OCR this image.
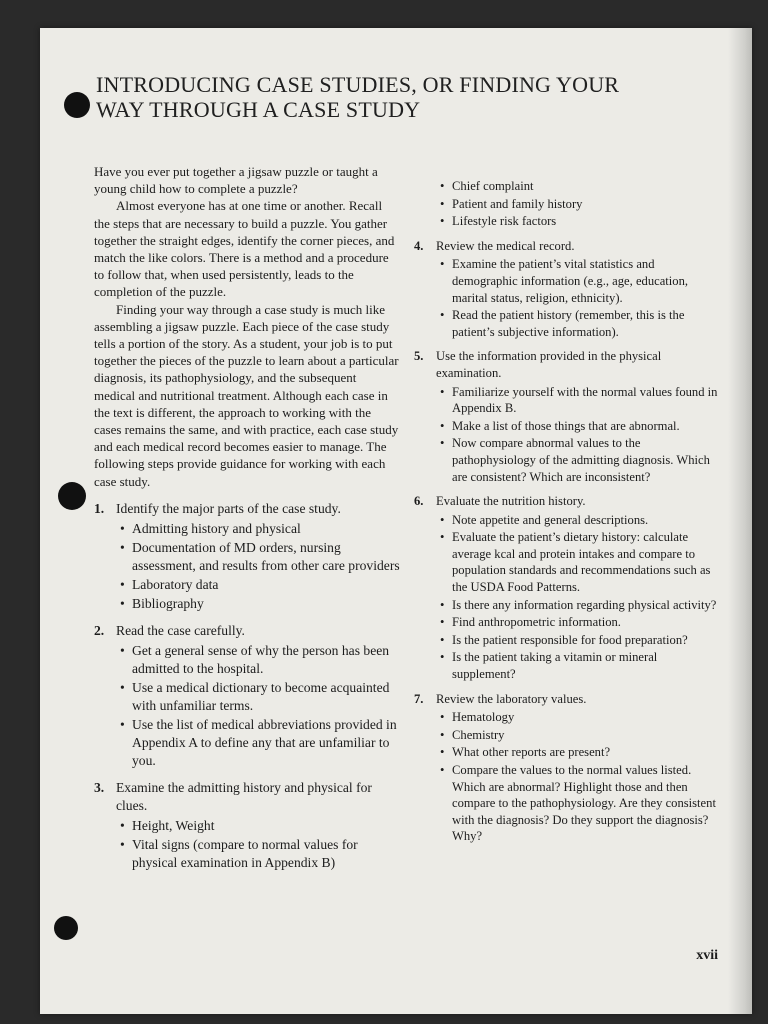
INTRODUCING CASE STUDIES, OR FINDING YOUR WAY THROUGH A CASE STUDY

Have you ever put together a jigsaw puzzle or taught a young child how to complete a puzzle?

Almost everyone has at one time or another. Recall the steps that are necessary to build a puzzle. You gather together the straight edges, identify the corner pieces, and match the like colors. There is a method and a procedure to follow that, when used persistently, leads to the completion of the puzzle.

Finding your way through a case study is much like assembling a jigsaw puzzle. Each piece of the case study tells a portion of the story. As a student, your job is to put together the pieces of the puzzle to learn about a particular diagnosis, its pathophysiology, and the subsequent medical and nutritional treatment. Although each case in the text is different, the approach to working with the cases remains the same, and with practice, each case study and each medical record becomes easier to manage. The following steps provide guidance for working with each case study.

1. Identify the major parts of the case study.
• Admitting history and physical
• Documentation of MD orders, nursing assessment, and results from other care providers
• Laboratory data
• Bibliography
2. Read the case carefully.
• Get a general sense of why the person has been admitted to the hospital.
• Use a medical dictionary to become acquainted with unfamiliar terms.
• Use the list of medical abbreviations provided in Appendix A to define any that are unfamiliar to you.
3. Examine the admitting history and physical for clues.
• Height, Weight
• Vital signs (compare to normal values for physical examination in Appendix B)
• Chief complaint
• Patient and family history
• Lifestyle risk factors
4. Review the medical record.
• Examine the patient’s vital statistics and demographic information (e.g., age, education, marital status, religion, ethnicity).
• Read the patient history (remember, this is the patient’s subjective information).
5. Use the information provided in the physical examination.
• Familiarize yourself with the normal values found in Appendix B.
• Make a list of those things that are abnormal.
• Now compare abnormal values to the pathophysiology of the admitting diagnosis. Which are consistent? Which are inconsistent?
6. Evaluate the nutrition history.
• Note appetite and general descriptions.
• Evaluate the patient’s dietary history: calculate average kcal and protein intakes and compare to population standards and recommendations such as the USDA Food Patterns.
• Is there any information regarding physical activity?
• Find anthropometric information.
• Is the patient responsible for food preparation?
• Is the patient taking a vitamin or mineral supplement?
7. Review the laboratory values.
• Hematology
• Chemistry
• What other reports are present?
• Compare the values to the normal values listed. Which are abnormal? Highlight those and then compare to the pathophysiology. Are they consistent with the diagnosis? Do they support the diagnosis? Why?
xvii
